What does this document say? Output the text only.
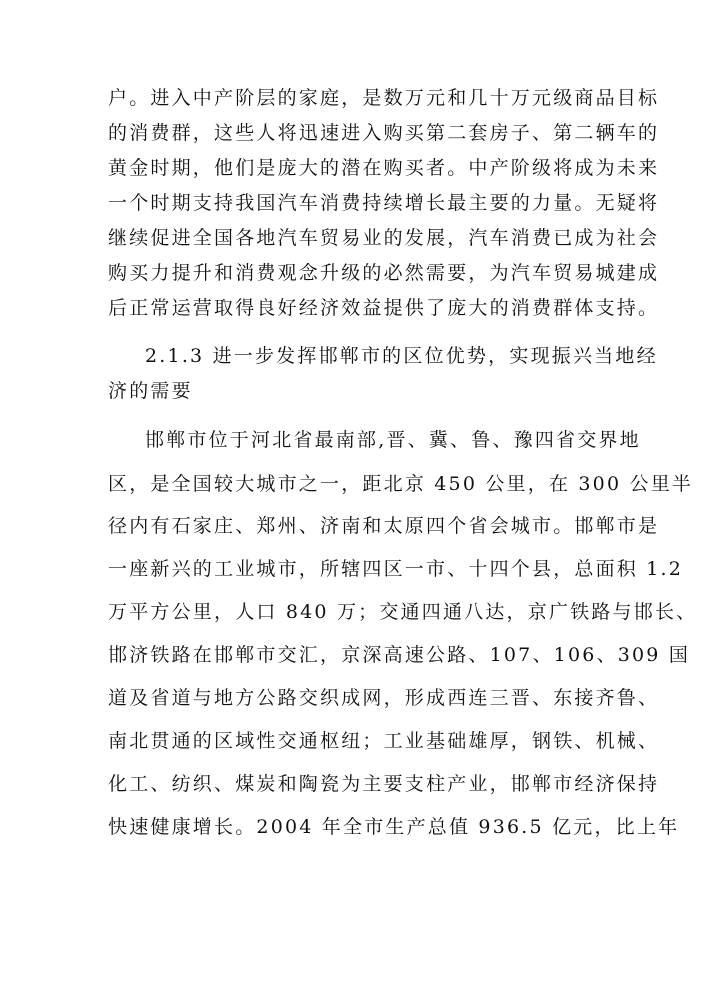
户。进入中产阶层的家庭，是数万元和几十万元级商品目标
的消费群，这些人将迅速进入购买第二套房子、第二辆车的
黄金时期，他们是庞大的潜在购买者。中产阶级将成为未来
一个时期支持我国汽车消费持续增长最主要的力量。无疑将
继续促进全国各地汽车贸易业的发展，汽车消费已成为社会
购买力提升和消费观念升级的必然需要，为汽车贸易城建成
后正常运营取得良好经济效益提供了庞大的消费群体支持。
2.1.3 进一步发挥邯郸市的区位优势，实现振兴当地经
济的需要
邯郸市位于河北省最南部,晋、冀、鲁、豫四省交界地
区，是全国较大城市之一，距北京 450 公里，在 300 公里半
径内有石家庄、郑州、济南和太原四个省会城市。邯郸市是
一座新兴的工业城市，所辖四区一市、十四个县，总面积 1.2
万平方公里，人口 840 万；交通四通八达，京广铁路与邯长、
邯济铁路在邯郸市交汇，京深高速公路、107、106、309 国
道及省道与地方公路交织成网，形成西连三晋、东接齐鲁、
南北贯通的区域性交通枢纽；工业基础雄厚，钢铁、机械、
化工、纺织、煤炭和陶瓷为主要支柱产业，邯郸市经济保持
快速健康增长。2004 年全市生产总值 936.5 亿元，比上年
